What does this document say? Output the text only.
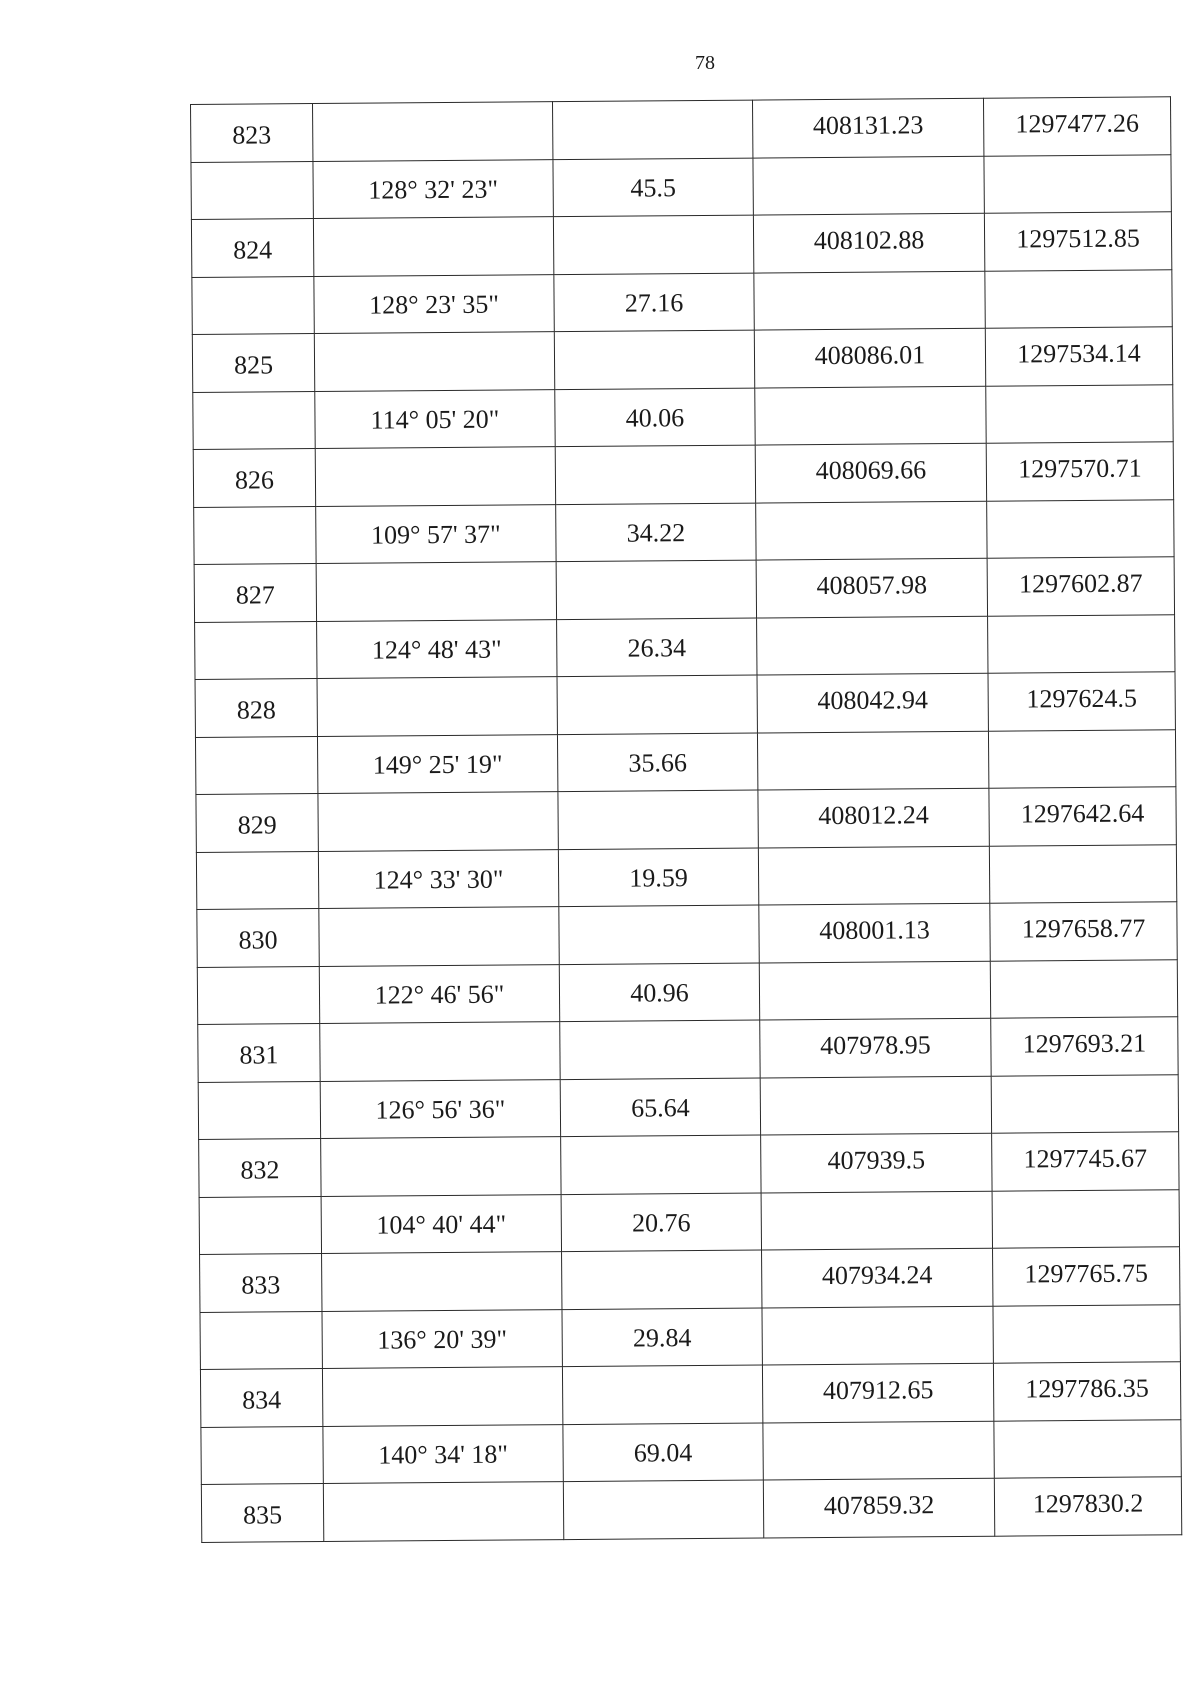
78
823			408131.23	1297477.26
	128° 32' 23"	45.5		
824			408102.88	1297512.85
	128° 23' 35"	27.16		
825			408086.01	1297534.14
	114° 05' 20"	40.06		
826			408069.66	1297570.71
	109° 57' 37"	34.22		
827			408057.98	1297602.87
	124° 48' 43"	26.34		
828			408042.94	1297624.5
	149° 25' 19"	35.66		
829			408012.24	1297642.64
	124° 33' 30"	19.59		
830			408001.13	1297658.77
	122° 46' 56"	40.96		
831			407978.95	1297693.21
	126° 56' 36"	65.64		
832			407939.5	1297745.67
	104° 40' 44"	20.76		
833			407934.24	1297765.75
	136° 20' 39"	29.84		
834			407912.65	1297786.35
	140° 34' 18"	69.04		
835			407859.32	1297830.2
